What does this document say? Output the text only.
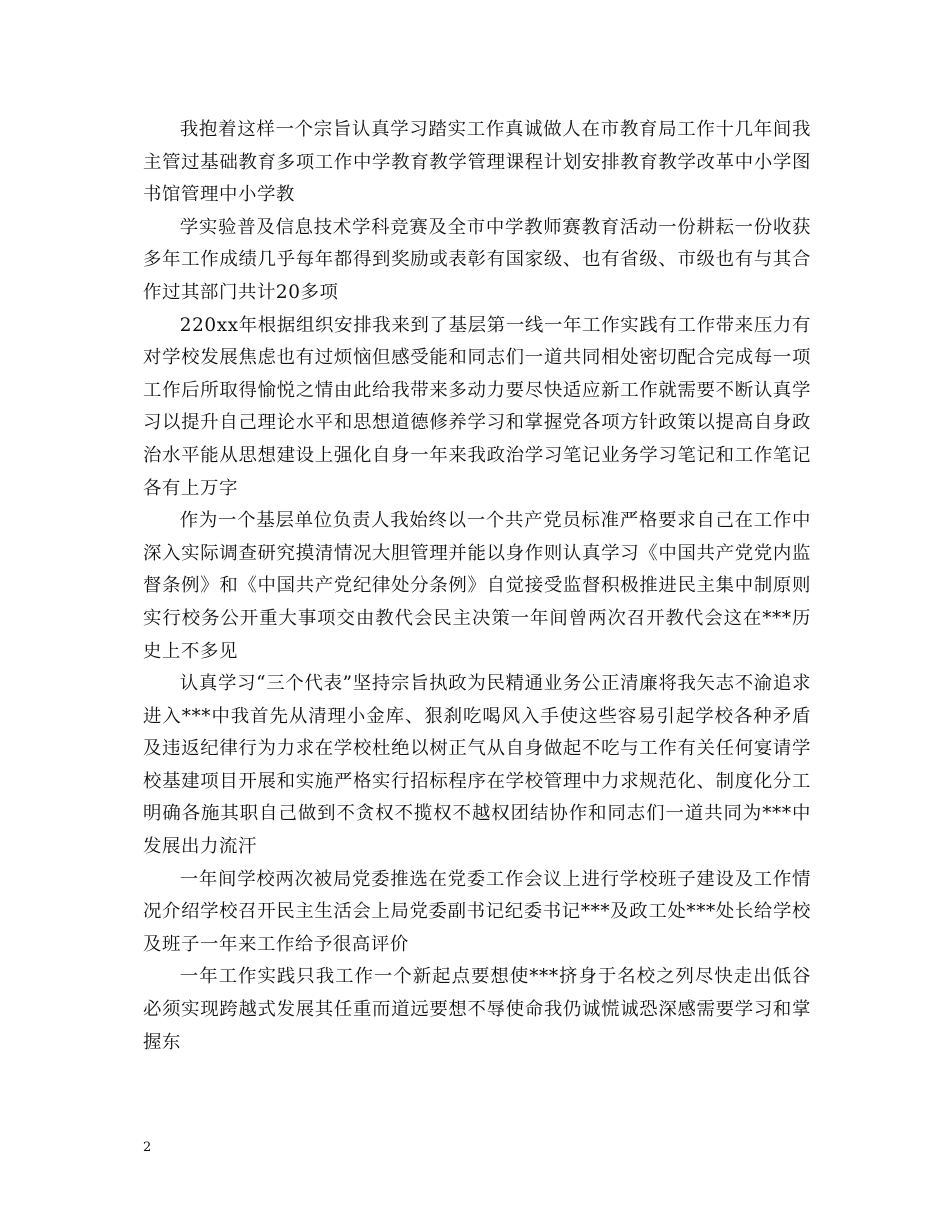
我抱着这样一个宗旨认真学习踏实工作真诚做人在市教育局工作十几年间我主管过基础教育多项工作中学教育教学管理课程计划安排教育教学改革中小学图书馆管理中小学教

学实验普及信息技术学科竞赛及全市中学教师赛教育活动一份耕耘一份收获多年工作成绩几乎每年都得到奖励或表彰有国家级、也有省级、市级也有与其合作过其部门共计20多项

220xx年根据组织安排我来到了基层第一线一年工作实践有工作带来压力有对学校发展焦虑也有过烦恼但感受能和同志们一道共同相处密切配合完成每一项工作后所取得愉悦之情由此给我带来多动力要尽快适应新工作就需要不断认真学习以提升自己理论水平和思想道德修养学习和掌握党各项方针政策以提高自身政治水平能从思想建设上强化自身一年来我政治学习笔记业务学习笔记和工作笔记各有上万字

作为一个基层单位负责人我始终以一个共产党员标准严格要求自己在工作中深入实际调查研究摸清情况大胆管理并能以身作则认真学习《中国共产党党内监督条例》和《中国共产党纪律处分条例》自觉接受监督积极推进民主集中制原则实行校务公开重大事项交由教代会民主决策一年间曾两次召开教代会这在***历史上不多见

认真学习“三个代表”坚持宗旨执政为民精通业务公正清廉将我矢志不渝追求进入***中我首先从清理小金库、狠刹吃喝风入手使这些容易引起学校各种矛盾及违返纪律行为力求在学校杜绝以树正气从自身做起不吃与工作有关任何宴请学校基建项目开展和实施严格实行招标程序在学校管理中力求规范化、制度化分工明确各施其职自己做到不贪权不揽权不越权团结协作和同志们一道共同为***中发展出力流汗

一年间学校两次被局党委推选在党委工作会议上进行学校班子建设及工作情况介绍学校召开民主生活会上局党委副书记纪委书记***及政工处***处长给学校及班子一年来工作给予很高评价

一年工作实践只我工作一个新起点要想使***挤身于名校之列尽快走出低谷必须实现跨越式发展其任重而道远要想不辱使命我仍诚慌诚恐深感需要学习和掌握东

2
